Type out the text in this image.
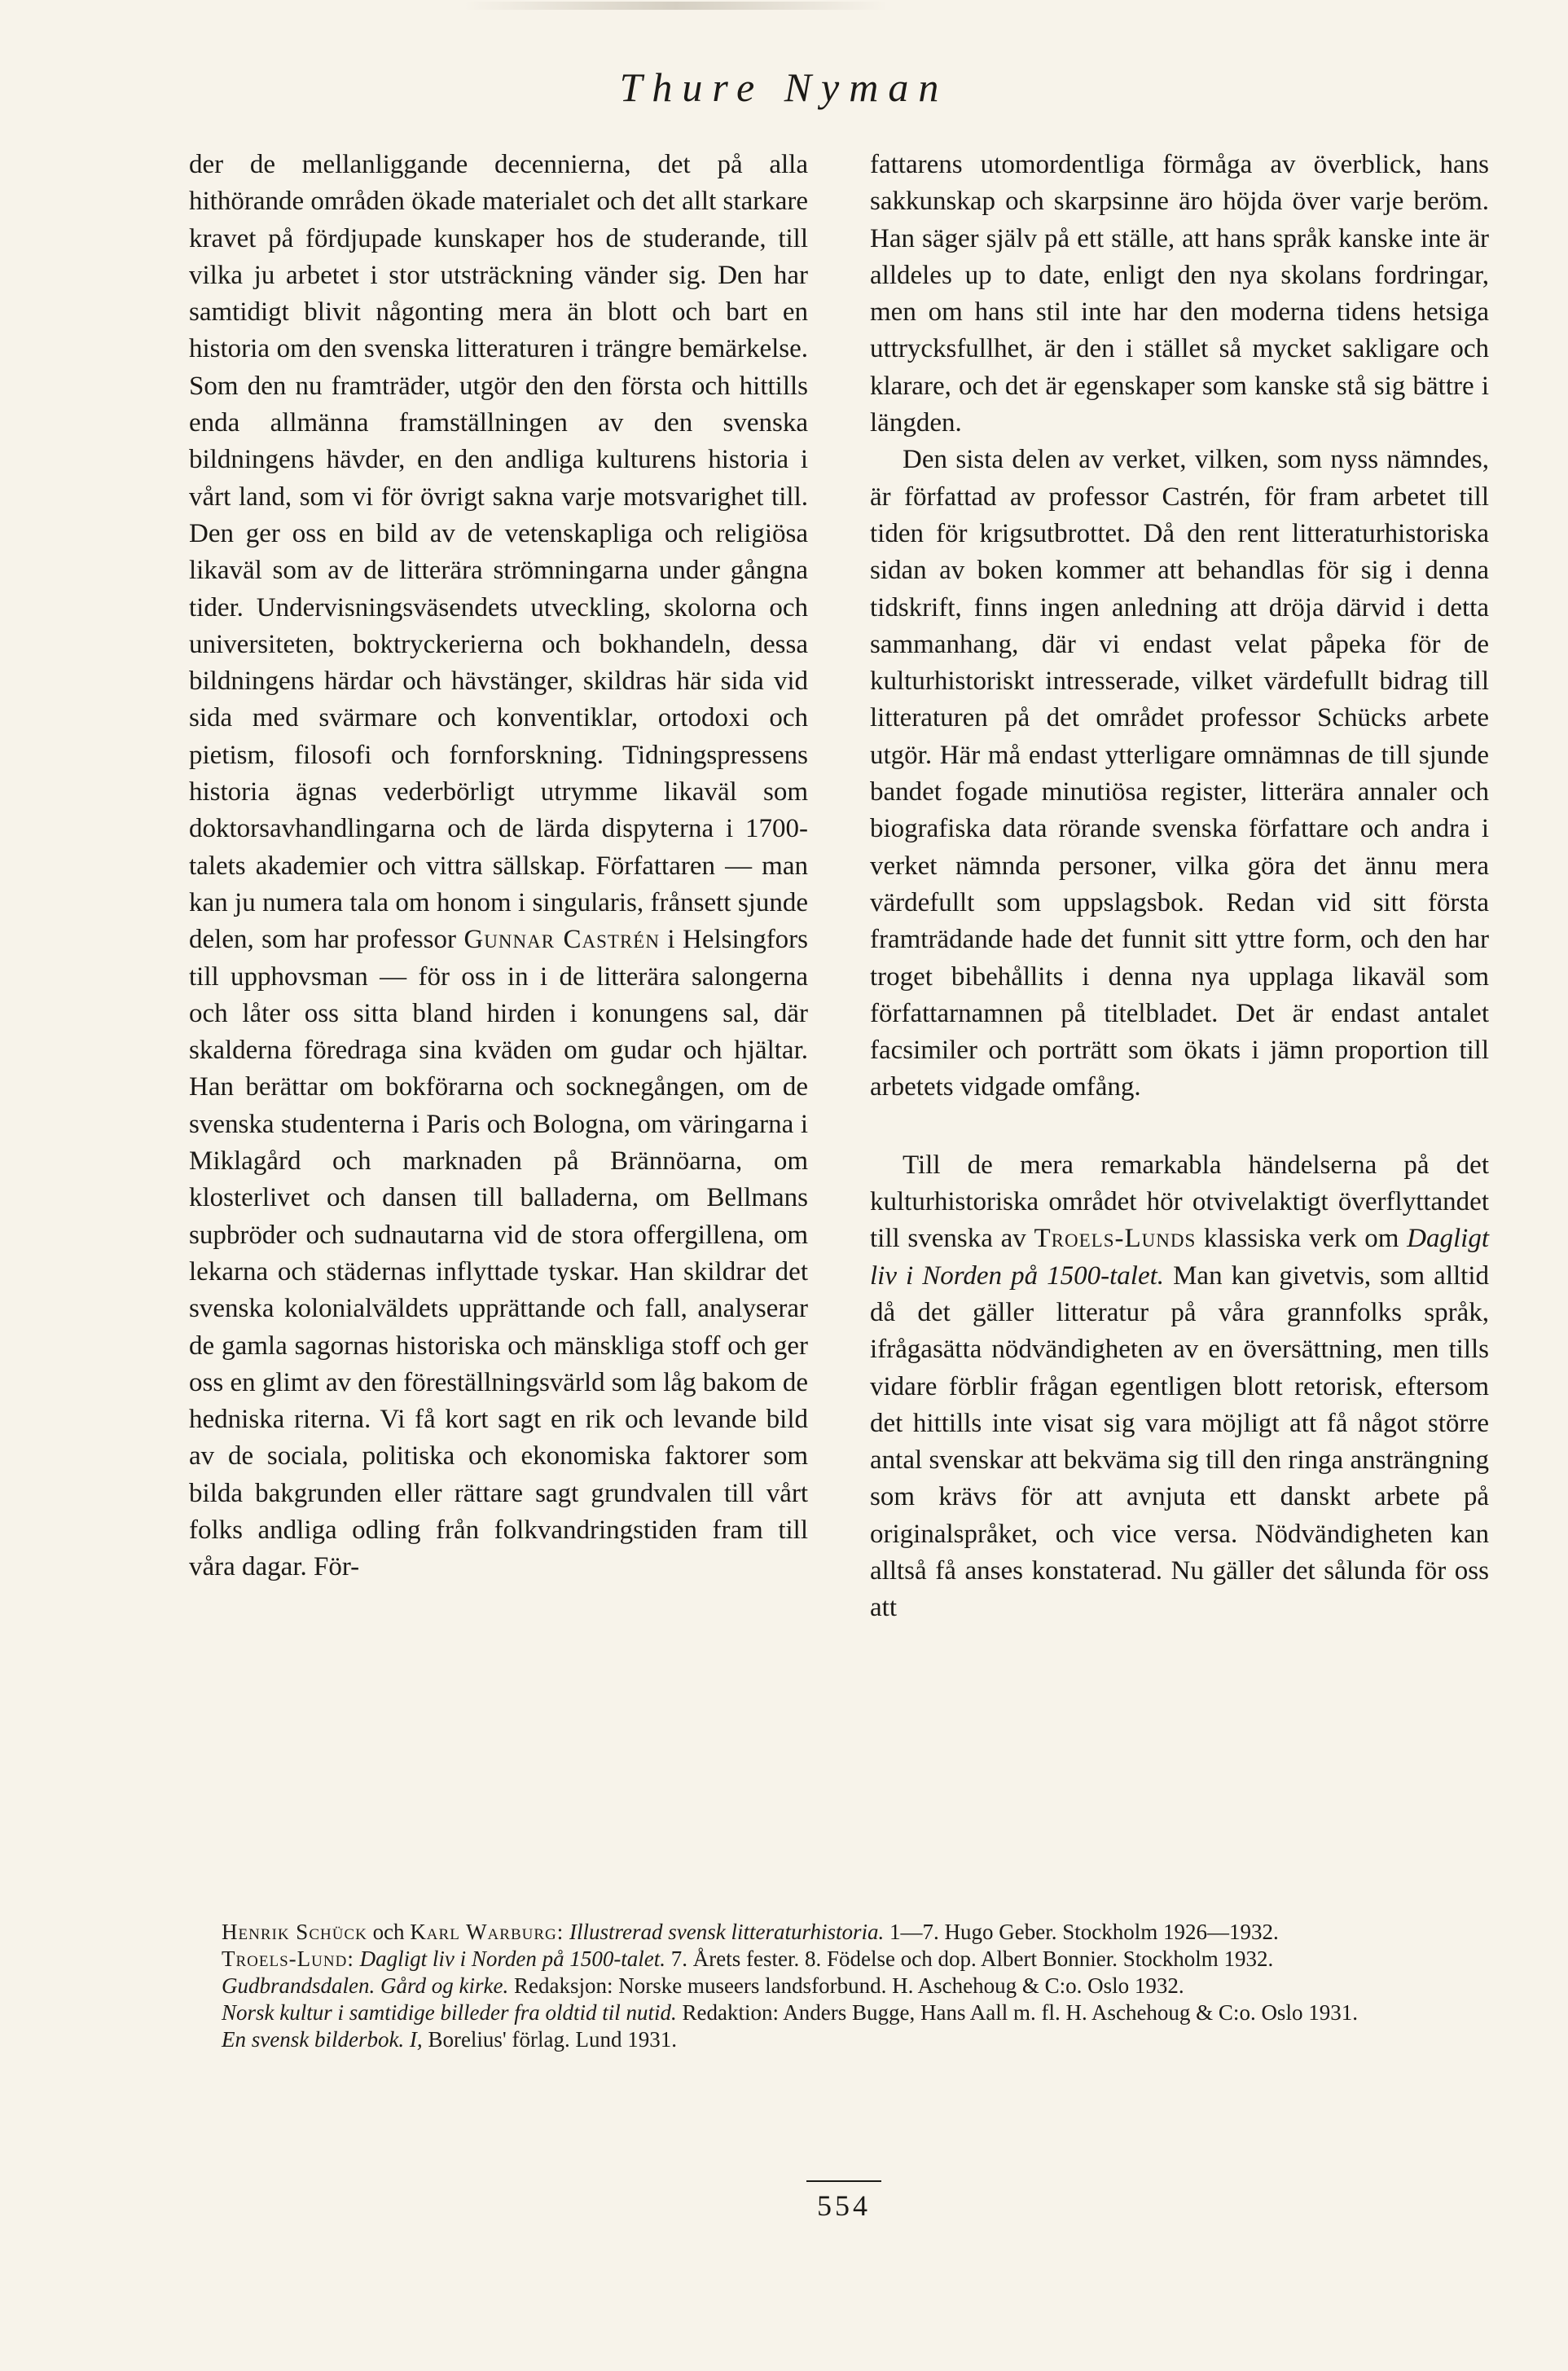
Thure Nyman

der de mellanliggande decennierna, det på alla hithörande områden ökade materialet och det allt starkare kravet på fördjupade kunskaper hos de studerande, till vilka ju arbetet i stor utsträckning vänder sig. Den har samtidigt blivit någonting mera än blott och bart en historia om den svenska litteraturen i trängre bemärkelse. Som den nu framträder, utgör den den första och hittills enda allmänna framställningen av den svenska bildningens hävder, en den andliga kulturens historia i vårt land, som vi för övrigt sakna varje motsvarighet till. Den ger oss en bild av de vetenskapliga och religiösa likaväl som av de litterära strömningarna under gångna tider. Undervisningsväsendets utveckling, skolorna och universiteten, boktryckerierna och bokhandeln, dessa bildningens härdar och hävstänger, skildras här sida vid sida med svärmare och konventiklar, ortodoxi och pietism, filosofi och fornforskning. Tidningspressens historia ägnas vederbörligt utrymme likaväl som doktorsavhandlingarna och de lärda dispyterna i 1700-talets akademier och vittra sällskap. Författaren — man kan ju numera tala om honom i singularis, frånsett sjunde delen, som har professor Gunnar Castrén i Helsingfors till upphovsman — för oss in i de litterära salongerna och låter oss sitta bland hirden i konungens sal, där skalderna föredraga sina kväden om gudar och hjältar. Han berättar om bokförarna och socknegången, om de svenska studenterna i Paris och Bologna, om väringarna i Miklagård och marknaden på Brännöarna, om klosterlivet och dansen till balladerna, om Bellmans supbröder och sudnautarna vid de stora offergillena, om lekarna och städernas inflyttade tyskar. Han skildrar det svenska kolonialväldets upprättande och fall, analyserar de gamla sagornas historiska och mänskliga stoff och ger oss en glimt av den föreställningsvärld som låg bakom de hedniska riterna. Vi få kort sagt en rik och levande bild av de sociala, politiska och ekonomiska faktorer som bilda bakgrunden eller rättare sagt grundvalen till vårt folks andliga odling från folkvandringstiden fram till våra dagar. För-

fattarens utomordentliga förmåga av överblick, hans sakkunskap och skarpsinne äro höjda över varje beröm. Han säger själv på ett ställe, att hans språk kanske inte är alldeles up to date, enligt den nya skolans fordringar, men om hans stil inte har den moderna tidens hetsiga uttrycksfullhet, är den i stället så mycket sakligare och klarare, och det är egenskaper som kanske stå sig bättre i längden.

Den sista delen av verket, vilken, som nyss nämndes, är författad av professor Castrén, för fram arbetet till tiden för krigsutbrottet. Då den rent litteraturhistoriska sidan av boken kommer att behandlas för sig i denna tidskrift, finns ingen anledning att dröja därvid i detta sammanhang, där vi endast velat påpeka för de kulturhistoriskt intresserade, vilket värdefullt bidrag till litteraturen på det området professor Schücks arbete utgör. Här må endast ytterligare omnämnas de till sjunde bandet fogade minutiösa register, litterära annaler och biografiska data rörande svenska författare och andra i verket nämnda personer, vilka göra det ännu mera värdefullt som uppslagsbok. Redan vid sitt första framträdande hade det funnit sitt yttre form, och den har troget bibehållits i denna nya upplaga likaväl som författarnamnen på titelbladet. Det är endast antalet facsimiler och porträtt som ökats i jämn proportion till arbetets vidgade omfång.

Till de mera remarkabla händelserna på det kulturhistoriska området hör otvivelaktigt överflyttandet till svenska av Troels-Lunds klassiska verk om Dagligt liv i Norden på 1500-talet. Man kan givetvis, som alltid då det gäller litteratur på våra grannfolks språk, ifrågasätta nödvändigheten av en översättning, men tills vidare förblir frågan egentligen blott retorisk, eftersom det hittills inte visat sig vara möjligt att få något större antal svenskar att bekväma sig till den ringa ansträngning som krävs för att avnjuta ett danskt arbete på originalspråket, och vice versa. Nödvändigheten kan alltså få anses konstaterad. Nu gäller det sålunda för oss att

Henrik Schück och Karl Warburg: Illustrerad svensk litteraturhistoria. 1—7. Hugo Geber. Stockholm 1926—1932.

Troels-Lund: Dagligt liv i Norden på 1500-talet. 7. Årets fester. 8. Födelse och dop. Albert Bonnier. Stockholm 1932.

Gudbrandsdalen. Gård og kirke. Redaksjon: Norske museers landsforbund. H. Aschehoug & C:o. Oslo 1932.

Norsk kultur i samtidige billeder fra oldtid til nutid. Redaktion: Anders Bugge, Hans Aall m. fl. H. Aschehoug & C:o. Oslo 1931.

En svensk bilderbok. I, Borelius' förlag. Lund 1931.

554
